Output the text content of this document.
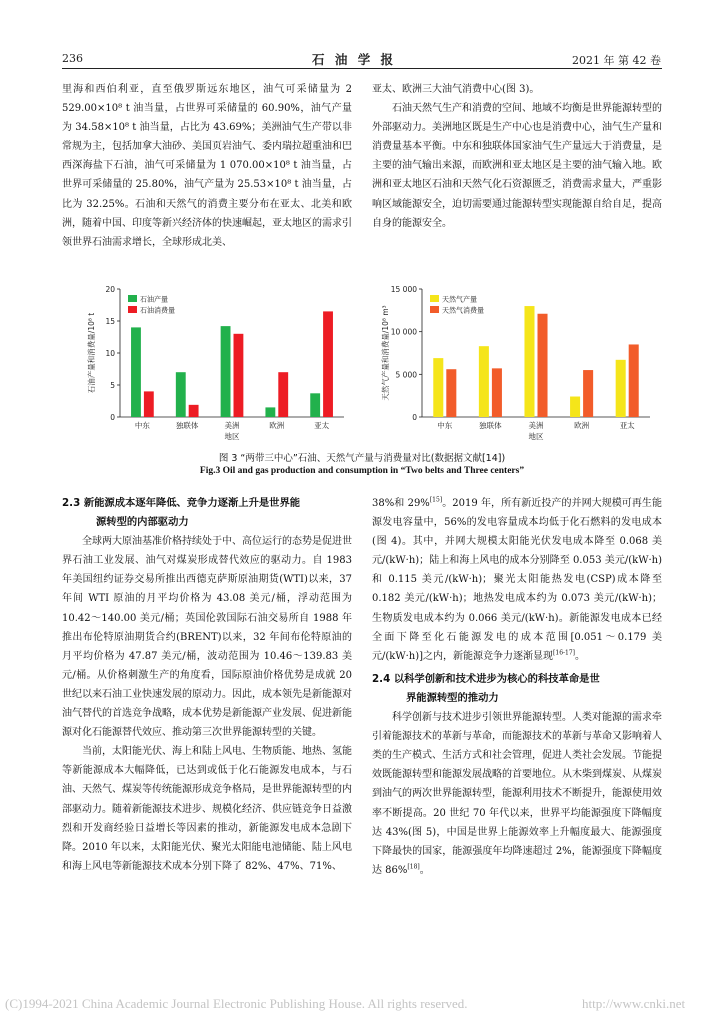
236	石 油 学 报	2021 年 第 42 卷

里海和西伯利亚，直至俄罗斯远东地区，油气可采储量为 2 529.00×10⁸ t 油当量，占世界可采储量的 60.90%，油气产量为 34.58×10⁸ t 油当量，占比为 43.69%；美洲油气生产带以非常规为主，包括加拿大油砂、美国页岩油气、委内瑞拉超重油和巴西深海盐下石油，油气可采储量为 1 070.00×10⁸ t 油当量，占世界可采储量的 25.80%，油气产量为 25.53×10⁸ t 油当量，占比为 32.25%。石油和天然气的消费主要分布在亚太、北美和欧洲，随着中国、印度等新兴经济体的快速崛起，亚太地区的需求引领世界石油需求增长，全球形成北美、

亚太、欧洲三大油气消费中心(图 3)。

石油天然气生产和消费的空间、地域不均衡是世界能源转型的外部驱动力。美洲地区既是生产中心也是消费中心，油气生产量和消费量基本平衡。中东和独联体国家油气生产量远大于消费量，是主要的油气输出来源，而欧洲和亚太地区是主要的油气输入地。欧洲和亚太地区石油和天然气化石资源匮乏，消费需求量大，严重影响区域能源安全，迫切需要通过能源转型实现能源自给自足，提高自身的能源安全。

0
5
10
15
20
石油产量和消费量/10⁸ t
中东	独联体	美洲	欧洲	亚太
地区
石油产量
石油消费量
0
5 000
10 000
15 000
天然气产量和消费量/10⁸ m³
中东	独联体	美洲	欧洲	亚太
地区
天然气产量
天然气消费量
图 3 “两带三中心”石油、天然气产量与消费量对比(数据据文献[14])
Fig.3 Oil and gas production and consumption in “Two belts and Three centers”
2.3 新能源成本逐年降低、竞争力逐渐上升是世界能
源转型的内部驱动力

全球两大原油基准价格持续处于中、高位运行的态势是促进世界石油工业发展、油气对煤炭形成替代效应的驱动力。自 1983 年美国纽约证券交易所推出西德克萨斯原油期货(WTI)以来，37 年间 WTI 原油的月平均价格为 43.08 美元/桶，浮动范围为 10.42～140.00 美元/桶；英国伦敦国际石油交易所自 1988 年推出布伦特原油期货合约(BRENT)以来，32 年间布伦特原油的月平均价格为 47.87 美元/桶，波动范围为 10.46～139.83 美元/桶。从价格刺激生产的角度看，国际原油价格优势是成就 20 世纪以来石油工业快速发展的原动力。因此，成本领先是新能源对油气替代的首选竞争战略，成本优势是新能源产业发展、促进新能源对化石能源替代效应、推动第三次世界能源转型的关键。

当前，太阳能光伏、海上和陆上风电、生物质能、地热、氢能等新能源成本大幅降低，已达到或低于化石能源发电成本，与石油、天然气、煤炭等传统能源形成竞争格局，是世界能源转型的内部驱动力。随着新能源技术进步、规模化经济、供应链竞争日益激烈和开发商经验日益增长等因素的推动，新能源发电成本急剧下降。2010 年以来，太阳能光伏、聚光太阳能电池储能、陆上风电和海上风电等新能源技术成本分别下降了 82%、47%、71%、

38%和 29%[15]。2019 年，所有新近投产的并网大规模可再生能源发电容量中，56%的发电容量成本均低于化石燃料的发电成本(图 4)。其中，并网大规模太阳能光伏发电成本降至 0.068 美元/(kW·h)；陆上和海上风电的成本分别降至 0.053 美元/(kW·h)和 0.115 美元/(kW·h)；聚光太阳能热发电(CSP)成本降至 0.182 美元/(kW·h)；地热发电成本约为 0.073 美元/(kW·h)；生物质发电成本约为 0.066 美元/(kW·h)。新能源发电成本已经全面下降至化石能源发电的成本范围[0.051～0.179 美元/(kW·h)]之内，新能源竞争力逐渐显现[16-17]。

2.4 以科学创新和技术进步为核心的科技革命是世
界能源转型的推动力

科学创新与技术进步引领世界能源转型。人类对能源的需求牵引着能源技术的革新与革命，而能源技术的革新与革命又影响着人类的生产模式、生活方式和社会管理，促进人类社会发展。节能提效既能源转型和能源发展战略的首要地位。从木柴到煤炭、从煤炭到油气的两次世界能源转型，能源利用技术不断提升，能源使用效率不断提高。20 世纪 70 年代以来，世界平均能源强度下降幅度达 43%(图 5)，中国是世界上能源效率上升幅度最大、能源强度下降最快的国家，能源强度年均降速超过 2%，能源强度下降幅度达 86%[18]。

(C)1994-2021 China Academic Journal Electronic Publishing House. All rights reserved.	http://www.cnki.net
